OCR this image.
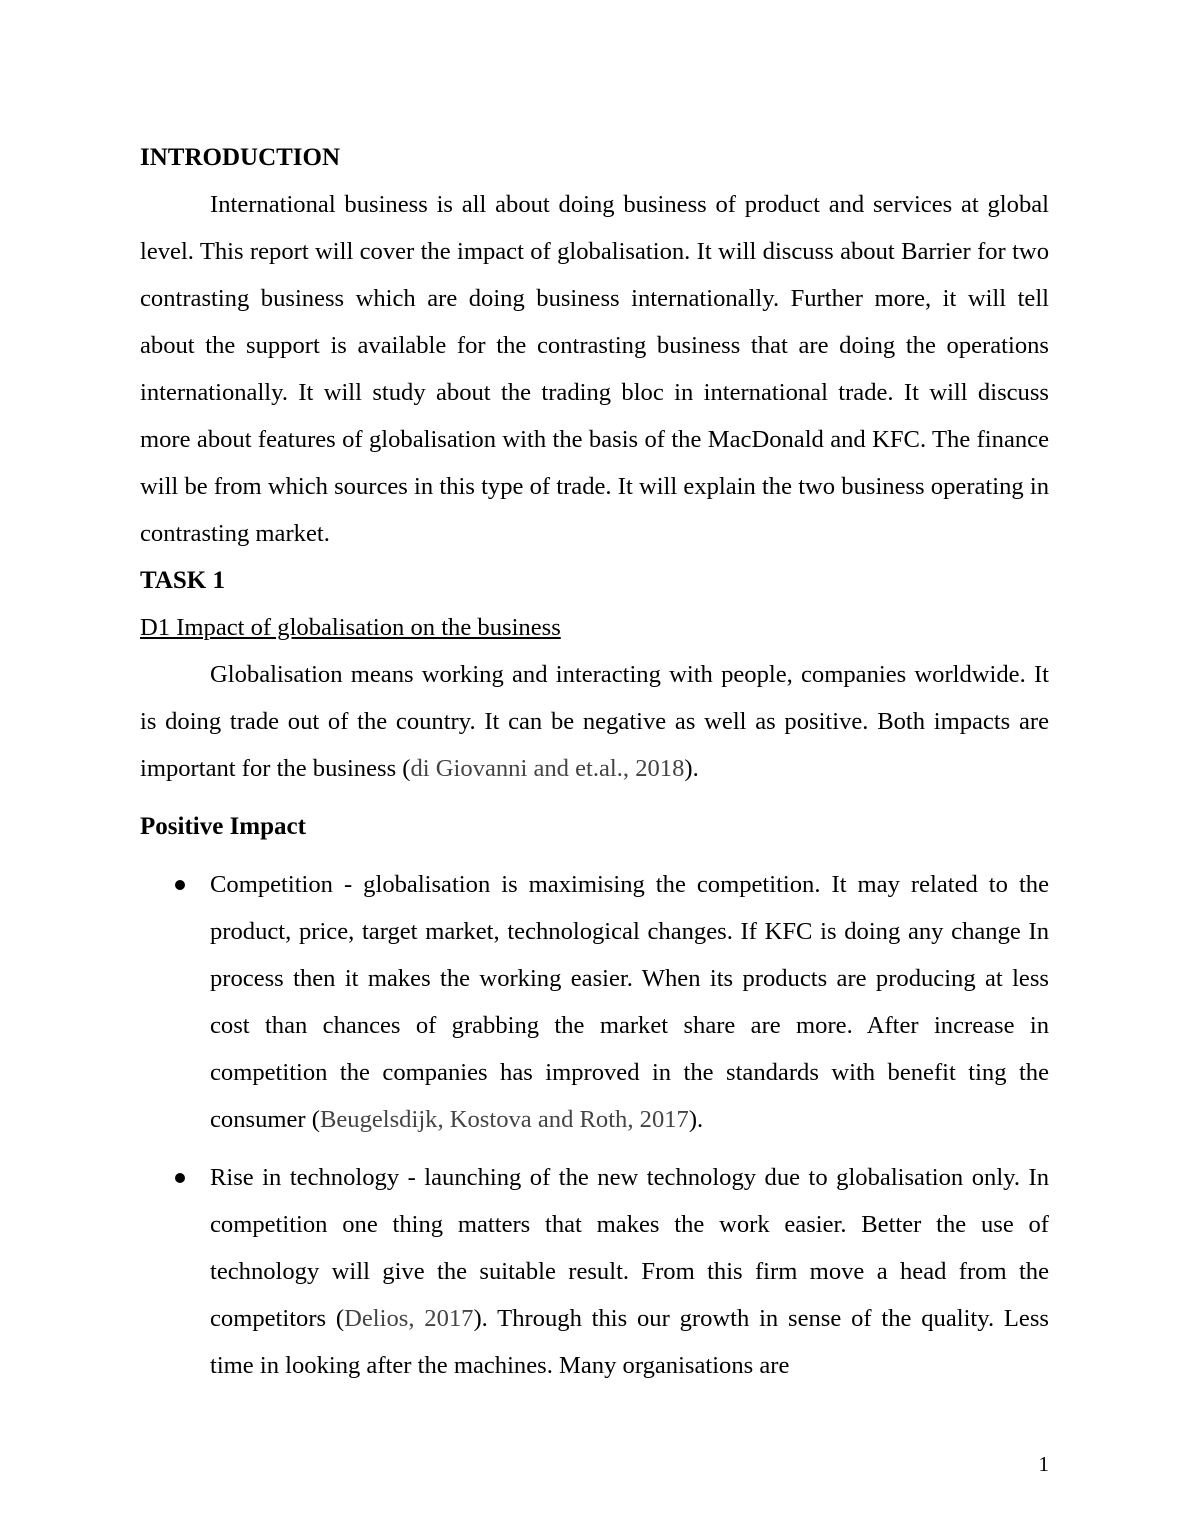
INTRODUCTION

International business is all about doing business of product and services at global level. This report will cover the impact of globalisation. It will discuss about Barrier for two contrasting business which are doing business internationally. Further more, it will tell about the support is available for the contrasting business that are doing the operations internationally. It will study about the trading bloc in international trade. It will discuss more about features of globalisation with the basis of the MacDonald and KFC. The finance will be from which sources in this type of trade. It will explain the two business operating in contrasting market.

TASK 1

D1 Impact of globalisation on the business

Globalisation means working and interacting with people, companies worldwide. It is doing trade out of the country. It can be negative as well as positive. Both impacts are important for the business (di Giovanni and et.al., 2018).

Positive Impact

Competition - globalisation is maximising the competition. It may related to the product, price, target market, technological changes. If KFC is doing any change In process then it makes the working easier. When its products are producing at less cost than chances of grabbing the market share are more. After increase in competition the companies has improved in the standards with benefit ting the consumer (Beugelsdijk, Kostova and Roth, 2017).
Rise in technology - launching of the new technology due to globalisation only. In competition one thing matters that makes the work easier. Better the use of technology will give the suitable result. From this firm move a head from the competitors (Delios, 2017). Through this our growth in sense of the quality. Less time in looking after the machines. Many organisations are
1
